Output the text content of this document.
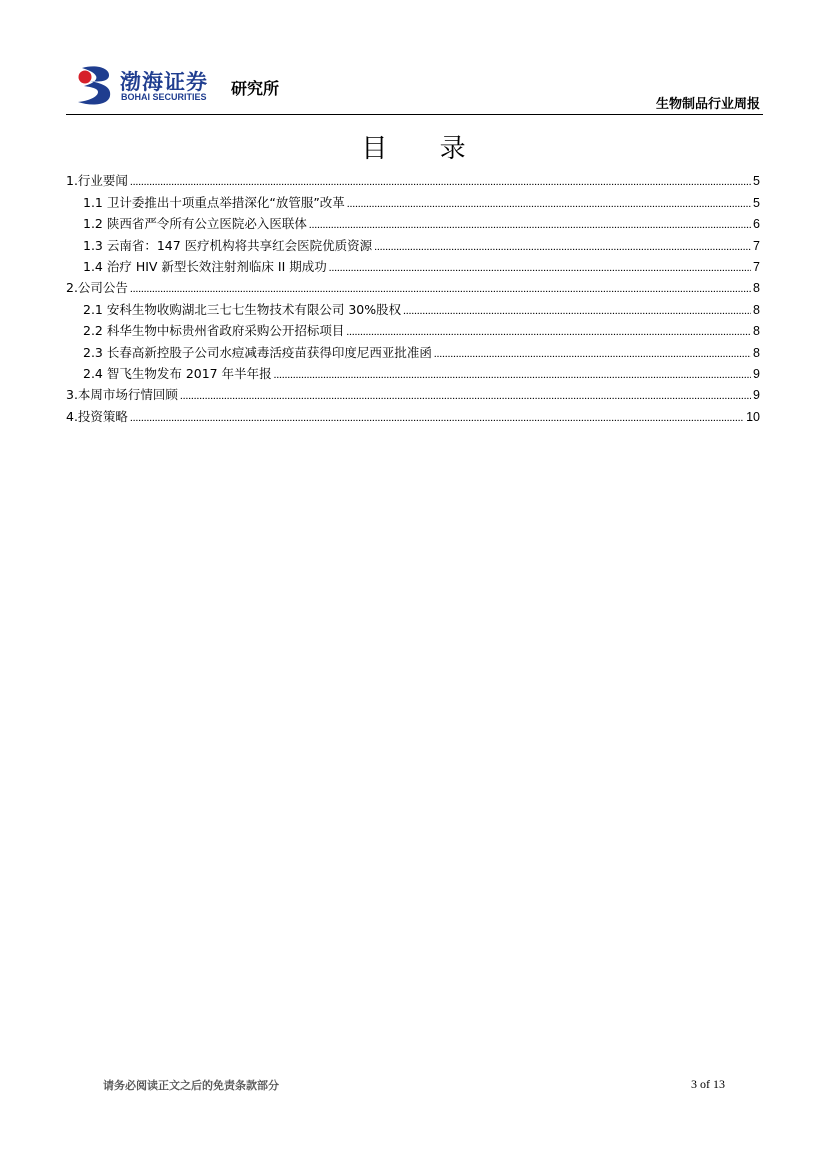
渤海证券
BOHAI SECURITIES 研究所
生物制品行业周报
目 录
1.行业要闻 .....	5
1.1 卫计委推出十项重点举措深化“放管服”改革 .....	5
1.2 陕西省严令所有公立医院必入医联体 .....	6
1.3 云南省：147 医疗机构将共享红会医院优质资源 .....	7
1.4 治疗 HIV 新型长效注射剂临床 II 期成功 .....	7
2.公司公告 .....	8
2.1 安科生物收购湖北三七七生物技术有限公司 30%股权 .....	8
2.2 科华生物中标贵州省政府采购公开招标项目 .....	8
2.3 长春高新控股子公司水痘减毒活疫苗获得印度尼西亚批准函 .....	8
2.4 智飞生物发布 2017 年半年报 .....	9
3.本周市场行情回顾 .....	9
4.投资策略 .....	10
请务必阅读正文之后的免责条款部分	3 of 13
